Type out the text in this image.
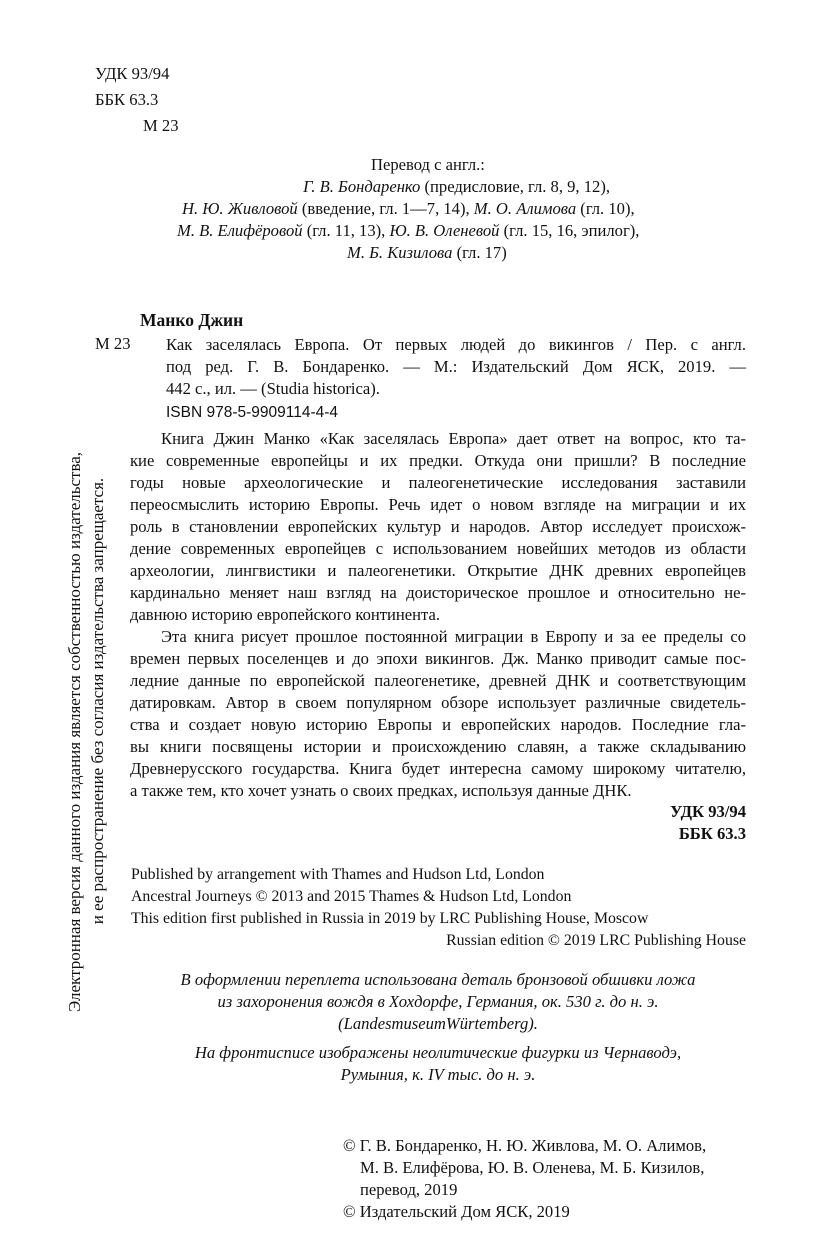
УДК 93/94
ББК 63.3
М 23
Перевод с англ.:
Г. В. Бондаренко (предисловие, гл. 8, 9, 12),
Н. Ю. Живловой (введение, гл. 1—7, 14), М. О. Алимова (гл. 10),
М. В. Елифёровой (гл. 11, 13), Ю. В. Оленевой (гл. 15, 16, эпилог),
М. Б. Кизилова (гл. 17)
Манко Джин
М 23 Как заселялась Европа. От первых людей до викингов / Пер. с англ.
под ред. Г. В. Бондаренко. — М.: Издательский Дом ЯСК, 2019. —
442 с., ил. — (Studia historica).
ISBN 978-5-9909114-4-4
Книга Джин Манко «Как заселялась Европа» дает ответ на вопрос, кто та-
кие современные европейцы и их предки. Откуда они пришли? В последние
годы новые археологические и палеогенетические исследования заставили
переосмыслить историю Европы. Речь идет о новом взгляде на миграции и их
роль в становлении европейских культур и народов. Автор исследует происхож-
дение современных европейцев с использованием новейших методов из области
археологии, лингвистики и палеогенетики. Открытие ДНК древних европейцев
кардинально меняет наш взгляд на доисторическое прошлое и относительно не-
давнюю историю европейского континента.
Эта книга рисует прошлое постоянной миграции в Европу и за ее пределы со
времен первых поселенцев и до эпохи викингов. Дж. Манко приводит самые пос-
ледние данные по европейской палеогенетике, древней ДНК и соответствующим
датировкам. Автор в своем популярном обзоре использует различные свидетель-
ства и создает новую историю Европы и европейских народов. Последние гла-
вы книги посвящены истории и происхождению славян, а также складыванию
Древнерусского государства. Книга будет интересна самому широкому читателю,
а также тем, кто хочет узнать о своих предках, используя данные ДНК.
УДК 93/94
ББК 63.3
Published by arrangement with Thames and Hudson Ltd, London
Ancestral Journeys © 2013 and 2015 Thames & Hudson Ltd, London
This edition first published in Russia in 2019 by LRC Publishing House, Moscow
Russian edition © 2019 LRC Publishing House
В оформлении переплета использована деталь бронзовой обшивки ложа
из захоронения вождя в Хохдорфе, Германия, ок. 530 г. до н. э.
(LandesmuseumWürtemberg).
На фронтисписе изображены неолитические фигурки из Чернаводэ,
Румыния, к. IV тыс. до н. э.
© Г. В. Бондаренко, Н. Ю. Живлова, М. О. Алимов,
М. В. Елифёрова, Ю. В. Оленева, М. Б. Кизилов,
перевод, 2019
© Издательский Дом ЯСК, 2019
Электронная версия данного издания является собственностью издательства, и ее распространение без согласия издательства запрещается.
